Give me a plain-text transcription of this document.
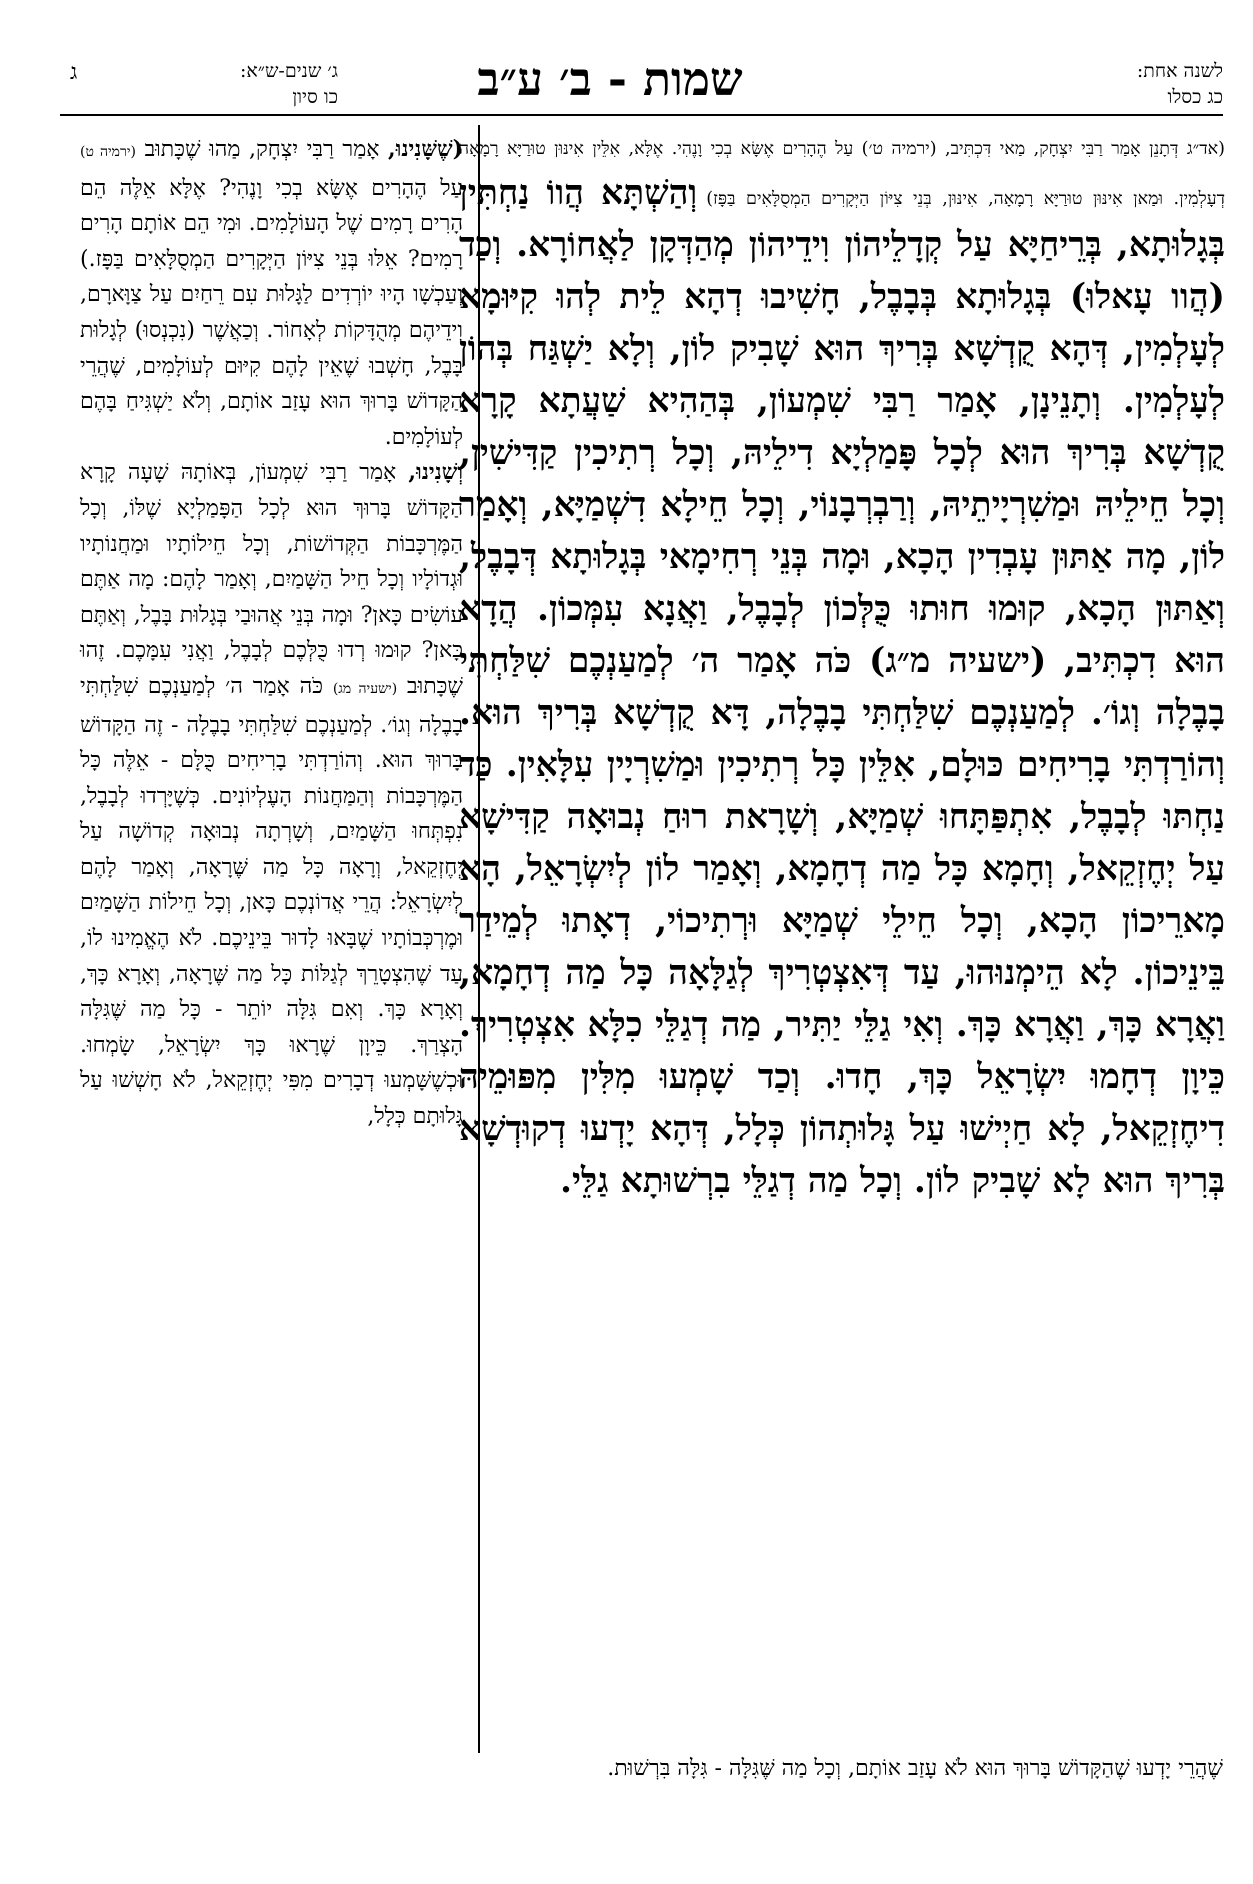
לשנה אחת:
כג כסלו
שמות - ב׳ ע״ב
ג׳ שנים-ש״א:
כו סיון
ג
(אד״ג דְּתָנֵן אָמַר רַבִּי יִצְחָק, מַאי דִּכְתִּיב, (ירמיה ט׳) עַל הֶהָרִים אֶשָּׂא בְכִי וָנֶהִי. אֶלָּא, אִלֵּין אִינּוּן טוּרַיָּא רָמָאָה דְעָלְמִין. וּמַאן אִינּוּן טוּרַיָּא רָמָאָה, אִינּוּן, בְּנֵי צִיּוֹן הַיְּקָרִים הַמְסֻלָּאִים בַּפָּז) וְהַשְׁתָּא הֲווֹ נַחְתִּין בְּגָלוּתָא, בְּרֵיחַיָּא עַל קְדָלֵיהוֹן וִידֵיהוֹן מְהַדְּקָן לַאֲחוֹרָא. וְכַד (הֲוו עָאלוּ) בְּגָלוּתָא בְּבָבֶל, חָשִׁיבוּ דְהָא לֵית לְהוּ קִיּוּמָא לְעָלְמִין, דְּהָא קֻדְשָׁא בְּרִיךְ הוּא שָׁבִיק לוֹן, וְלָא יַשְׁגַּח בְּהוֹן לְעָלְמִין. וְתָנֵינָן, אָמַר רַבִּי שִׁמְעוֹן, בְּהַהִיא שַׁעֲתָא קָרָא קֻדְשָׁא בְּרִיךְ הוּא לְכָל פָּמַלְיָא דִילֵיהּ, וְכָל רְתִיכִין קַדִּישִׁין, וְכָל חֵילֵיהּ וּמַשִׁרְיָיתֵיהּ, וְרַבְרְבָנוֹי, וְכָל חֵילָא דִשְׁמַיָּא, וְאָמַר לוֹן, מָה אַתּוּן עָבְדִין הָכָא, וּמָה בְּנֵי רְחִימָאי בְּגָלוּתָא דְּבָבֶל, וְאַתּוּן הָכָא, קוּמוּ חוּתוּ כֻּלְּכוֹן לְבָבֶל, וַאֲנָא עִמְּכוֹן. הֲדָא הוּא דִכְתִּיב, (ישעיה מ״ג) כֹּה אָמַר ה׳ לְמַעַנְכֶם שִׁלַּחְתִּי בָבֶלָה וְגוֹ׳. לְמַעַנְכֶם שִׁלַּחְתִּי בָבֶלָה, דָּא קֻדְשָׁא בְּרִיךְ הוּא. וְהוֹרַדְתִּי בָרִיחִים כּוּלָם, אִלֵּין כָּל רְתִיכִין וּמַשִׁרְיָין עִלָּאִין. כַּד נַחְתּוּ לְבָבֶל, אִתְפַּתָּחוּ שְׁמַיָּא, וְשָׁרָאת רוּחַ נְבוּאָה קַדִּישָׁא עַל יְחֶזְקֵאל, וְחָמָא כָּל מַה דְחָמָא, וְאָמַר לוֹן לְיִשְׂרָאֵל, הָא מָארֵיכוֹן הָכָא, וְכָל חֵילֵי שְׁמַיָּא וּרְתִיכוֹי, דְאָתוּ לְמֵידַר בֵּינֵיכוֹן. לָא הֵימְנוּהוּ, עַד דְּאִצְטְרִיךְ לְגַלָּאָה כָּל מַה דְחָמָא, וַאֲרָא כָּךְ, וַאֲרָא כָּךְ. וְאִי גַלֵּי יַתִּיר, מַה דְגַלֵּי כִלָּא אִצְטְרִיךְ. כֵּיוָן דְחָמוּ יִשְׂרָאֵל כָּךְ, חָדוּ. וְכַד שָׁמְעוּ מִלִּין מִפּוּמֵיהּ דִיחֶזְקֵאל, לָא חַיְישׁוּ עַל גָּלוּתְהוֹן כְּלָל, דְּהָא יָדְעוּ דְקוּדְשָׁא בְּרִיךְ הוּא לָא שָׁבִיק לוֹן. וְכָל מַה דְגַלֵּי בִרְשׁוּתָא גַלֵּי.
(שֶׁשָּׁנִינוּ, אָמַר רַבִּי יִצְחָק, מַהוּ שֶׁכָּתוּב (ירמיה ט) עַל הֶהָרִים אֶשָּׂא בְכִי וָנֶהִי? אֶלָּא אֵלֶּה הֵם הָרִים רָמִים שֶׁל הָעוֹלָמִים. וּמִי הֵם אוֹתָם הָרִים רָמִים? אֵלּוּ בְּנֵי צִיּוֹן הַיְּקָרִים הַמְסֻלָּאִים בַּפָּז.) וְעַכְשָׁו הָיוּ יוֹרְדִים לַגָּלוּת עִם רֵחַיִם עַל צַוָּארָם, וִידֵיהֶם מְהֻדָּקוֹת לְאָחוֹר. וְכַאֲשֶׁר (נִכְנְסוּ) לְגָלוּת בָּבֶל, חָשְׁבוּ שֶׁאֵין לָהֶם קִיּוּם לְעוֹלָמִים, שֶׁהֲרֵי הַקָּדוֹשׁ בָּרוּךְ הוּא עָזַב אוֹתָם, וְלֹא יַשְׁגִּיחַ בָּהֶם לְעוֹלָמִים.
וְשָׁנִינוּ, אָמַר רַבִּי שִׁמְעוֹן, בְּאוֹתָהּ שָׁעָה קָרָא הַקָּדוֹשׁ בָּרוּךְ הוּא לְכָל הַפָּמַלְיָא שֶׁלּוֹ, וְכָל הַמֶּרְכָּבוֹת הַקְּדוֹשׁוֹת, וְכָל חֵילוֹתָיו וּמַחֲנוֹתָיו וּגְדוֹלָיו וְכָל חֵיל הַשָּׁמַיִם, וְאָמַר לָהֶם: מָה אַתֶּם עוֹשִׂים כָּאן? וּמָה בְּנֵי אֲהוּבַי בְּגָלוּת בָּבֶל, וְאַתֶּם כָּאן? קוּמוּ רְדוּ כֻּלְּכֶם לְבָבֶל, וַאֲנִי עִמָּכֶם. זֶהוּ שֶׁכָּתוּב (ישעיה מג) כֹּה אָמַר ה׳ לְמַעַנְכֶם שִׁלַּחְתִּי בָבֶלָה וְגוֹ׳. לְמַעַנְכֶם שִׁלַּחְתִּי בָבֶלָה - זֶה הַקָּדוֹשׁ בָּרוּךְ הוּא. וְהוֹרַדְתִּי בָרִיחִים כֻּלָּם - אֵלֶּה כָּל הַמֶּרְכָּבוֹת וְהַמַּחֲנוֹת הָעֶלְיוֹנִים. כְּשֶׁיָּרְדוּ לְבָבֶל, נִפְתְּחוּ הַשָּׁמַיִם, וְשָׁרְתָה נְבוּאָה קְדוֹשָׁה עַל יְחֶזְקֵאל, וְרָאָה כָּל מַה שֶּׁרָאָה, וְאָמַר לָהֶם לְיִשְׂרָאֵל: הֲרֵי אֲדוֹנְכֶם כָּאן, וְכָל חֵילוֹת הַשָּׁמַיִם וּמֶרְכְּבוֹתָיו שֶׁבָּאוּ לָדוּר בֵּינֵיכֶם. לֹא הֶאֱמִינוּ לוֹ, עַד שֶׁהִצְטָרֵךְ לְגַלּוֹת כָּל מַה שֶּׁרָאָה, וְאָרָא כָּךְ, וְאָרָא כָּךְ. וְאִם גִּלָּה יוֹתֵר - כָּל מַה שֶּׁגִּלָּה הָצְרַךְ. כֵּיוָן שֶׁרָאוּ כָּךְ יִשְׂרָאֵל, שָׂמְחוּ. וּכְשֶׁשָּׁמְעוּ דְבָרִים מִפִּי יְחֶזְקֵאל, לֹא חָשְׁשׁוּ עַל גָּלוּתָם כְּלָל,
שֶׁהֲרֵי יָדְעוּ שֶׁהַקָּדוֹשׁ בָּרוּךְ הוּא לֹא עָזַב אוֹתָם, וְכָל מַה שֶּׁגִּלָּה - גִּלָּה בִּרְשׁוּת.
